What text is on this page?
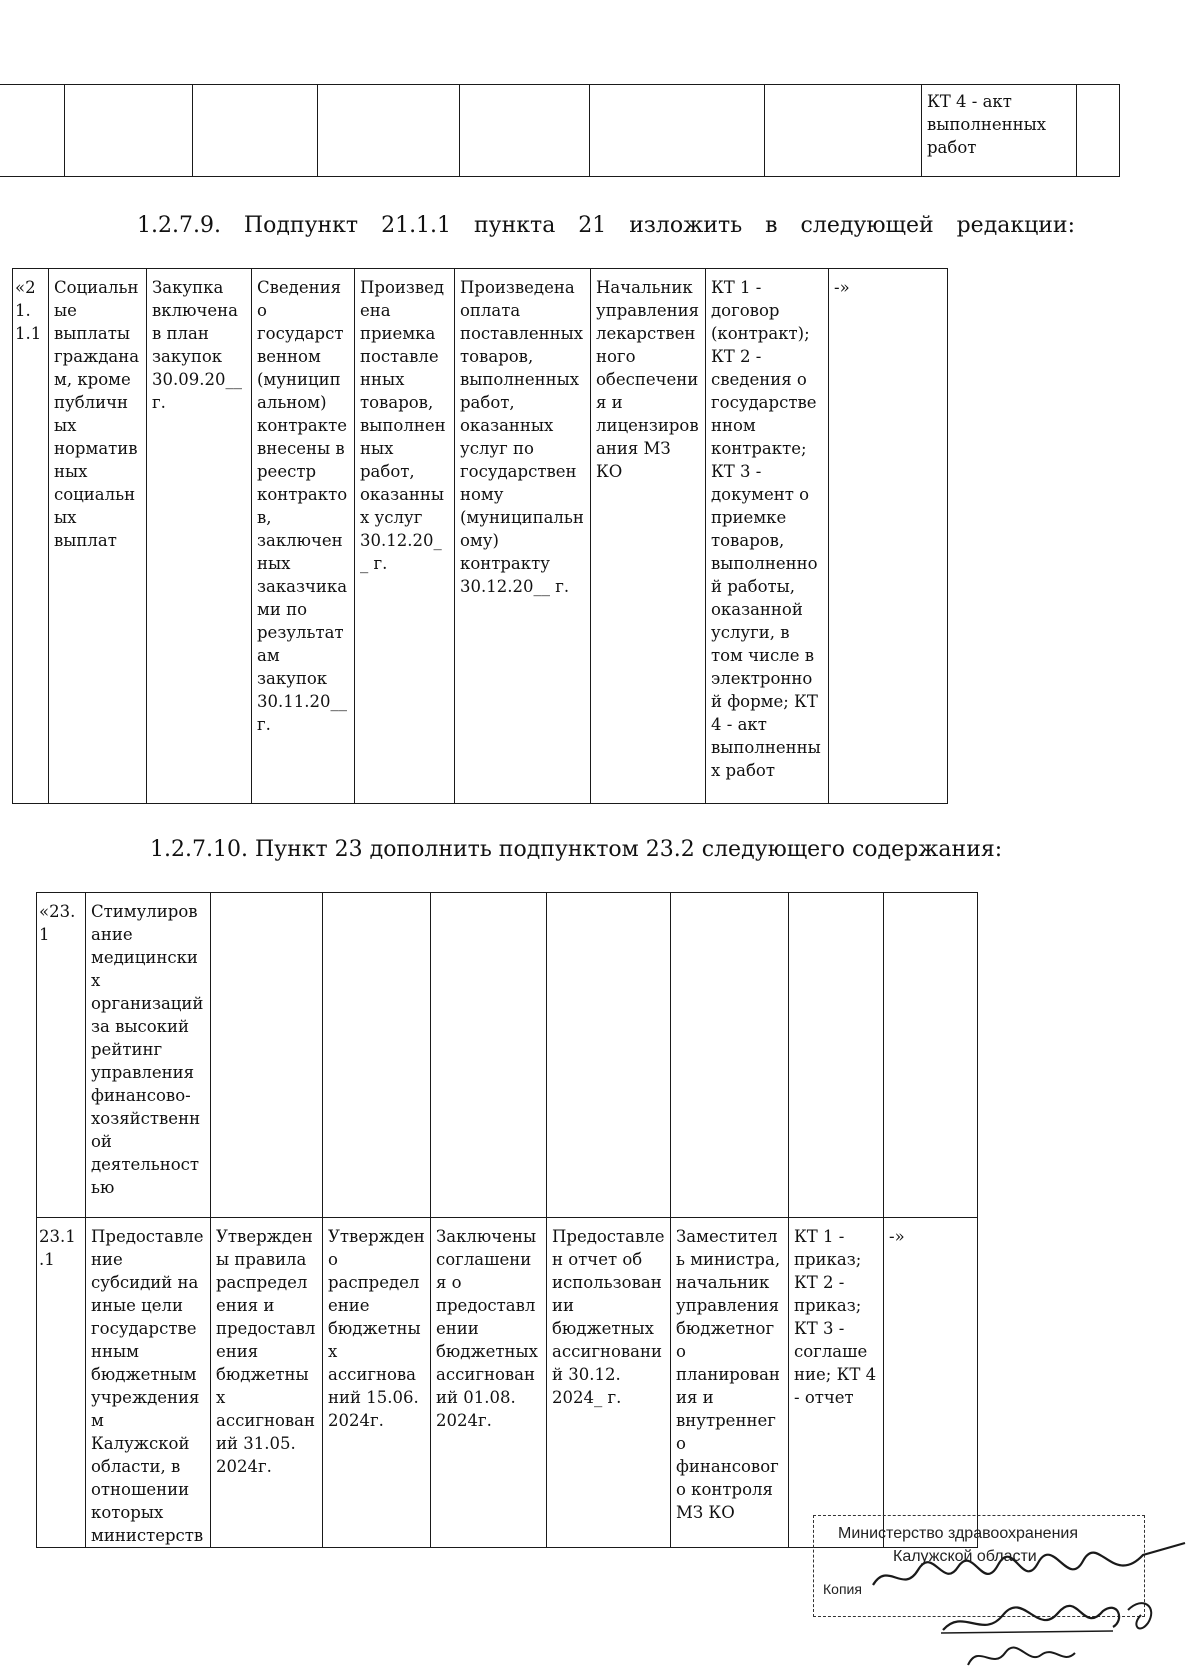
							КТ 4 - акт выполненных работ	
1.2.7.9. Подпункт 21.1.1 пункта 21 изложить в следующей редакции:
«21. 1.1	Социальные выплаты гражданам, кроме публичных нормативных социальных выплат	Закупка включена в план закупок 30.09.20__ г.	Сведения о государственном (муниципальном) контракте внесены в реестр контрактов, заключенных заказчиками по результатам закупок 30.11.20__ г.	Произведена приемка поставленных товаров, выполненных работ, оказанных услуг 30.12.20__ г.	Произведена оплата поставленных товаров, выполненных работ, оказанных услуг по государственному (муниципальному) контракту 30.12.20__ г.	Начальник управления лекарственного обеспечения и лицензирования МЗ КО	КТ 1 - договор (контракт); КТ 2 - сведения о государственном контракте; КТ 3 - документ о приемке товаров, выполненной работы, оказанной услуги, в том числе в электронной форме; КТ 4 - акт выполненных работ	-»
1.2.7.10. Пункт 23 дополнить подпунктом 23.2 следующего содержания:
«23. 1	Стимулирование медицинских организаций за высокий рейтинг управления финансово-хозяйственной деятельностью							
23.1 .1	Предоставление субсидий на иные цели государственным бюджетным учреждениям Калужской области, в отношении которых министерств	Утверждены правила распределения и предоставления бюджетных ассигнований 31.05. 2024г.	Утверждено распределение бюджетных ассигнований 15.06. 2024г.	Заключены соглашения о предоставлении бюджетных ассигнований 01.08. 2024г.	Предоставлен отчет об использовании бюджетных ассигнований 30.12. 2024_ г.	Заместитель министра, начальник управления бюджетного планирования и внутреннего финансового контроля МЗ КО	КТ 1 - приказ; КТ 2 - приказ; КТ 3 - соглашение; КТ 4 - отчет	-»
Министерство здравоохранения
Калужской области
Копия
